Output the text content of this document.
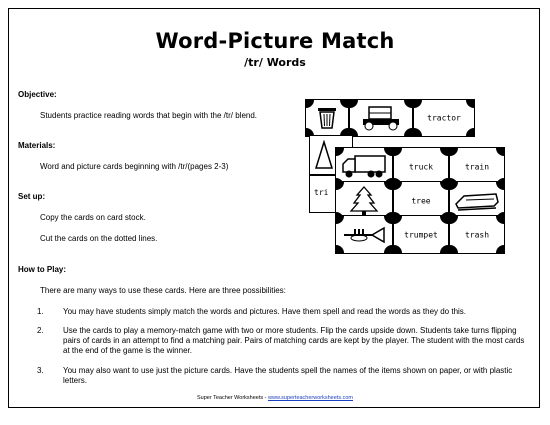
Word-Picture Match
/tr/ Words
Objective:
Students practice reading words that begin with the /tr/ blend.
Materials:
Word and picture cards beginning with /tr/(pages 2-3)
Set up:
Copy the cards on card stock.
Cut the cards on the dotted lines.
How to Play:
There are many ways to use these cards. Here are three possibilities:
1. You may have students simply match the words and pictures. Have them spell and read the words as they do this.
2. Use the cards to play a memory-match game with two or more students. Flip the cards upside down. Students take turns flipping pairs of cards in an attempt to find a matching pair. Pairs of matching cards are kept by the player. The student with the most cards at the end of the game is the winner.
3. You may also want to use just the picture cards. Have the students spell the names of the items shown on paper, or with plastic letters.
tractor
tri
truck	train
tree
trumpet	trash
Super Teacher Worksheets - www.superteacherworksheets.com
